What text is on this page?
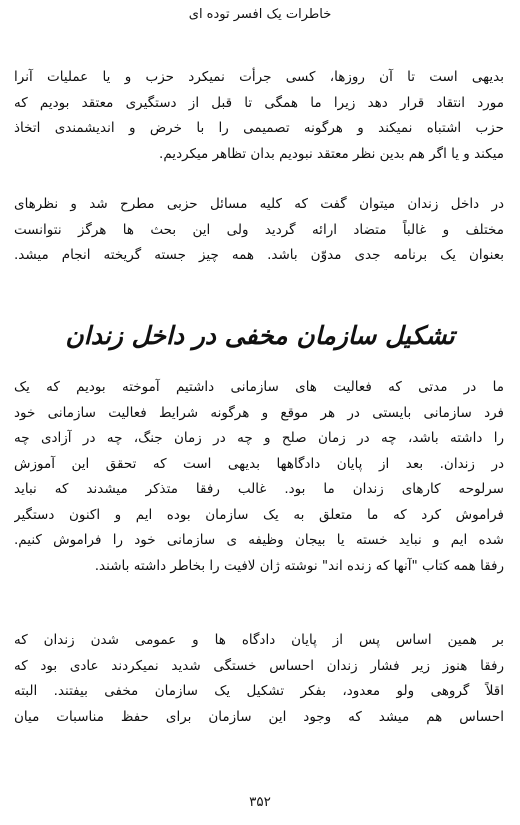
خاطرات یک افسر توده ای
بدیهی است تا آن روزها، کسی جرأت نمیکرد حزب و یا عملیات آنرا
مورد انتقاد قرار دهد زیرا ما همگی تا قبل از دستگیری معتقد بودیم که
حزب اشتباه نمیکند و هرگونه تصمیمی را با خرض و اندیشمندی اتخاذ
میکند و یا اگر هم بدین نظر معتقد نبودیم بدان تظاهر میکردیم.
در داخل زندان میتوان گفت که کلیه مسائل حزبی مطرح شد و نظرهای
مختلف و غالباً متضاد ارائه گردید ولی این بحث ها هرگز نتوانست
بعنوان یک برنامه جدی مدوّن باشد. همه چیز جسته گریخته انجام میشد.
تشکیل سازمان مخفی در داخل زندان
ما در مدتی که فعالیت های سازمانی داشتیم آموخته بودیم که یک
فرد سازمانی بایستی در هر موقع و هرگونه شرایط فعالیت سازمانی خود
را داشته باشد، چه در زمان صلح و چه در زمان جنگ، چه در آزادی چه
در زندان. بعد از پایان دادگاهها بدیهی است که تحقق این آموزش
سرلوحه کارهای زندان ما بود. غالب رفقا متذکر میشدند که نباید
فراموش کرد که ما متعلق به یک سازمان بوده ایم و اکنون دستگیر
شده ایم و نباید خسته یا بیجان وظیفه ی سازمانی خود را فراموش کنیم.
رفقا همه کتاب "آنها که زنده اند" نوشته ژان لافیت را بخاطر داشته باشند.
بر همین اساس پس از پایان دادگاه ها و عمومی شدن زندان که
رفقا هنوز زیر فشار زندان احساس خستگی شدید نمیکردند عادی بود که
اقلاً گروهی ولو معدود، بفکر تشکیل یک سازمان مخفی بیفتند. البته
احساس هم میشد که وجود این سازمان برای حفظ مناسبات میان
۳۵۲
